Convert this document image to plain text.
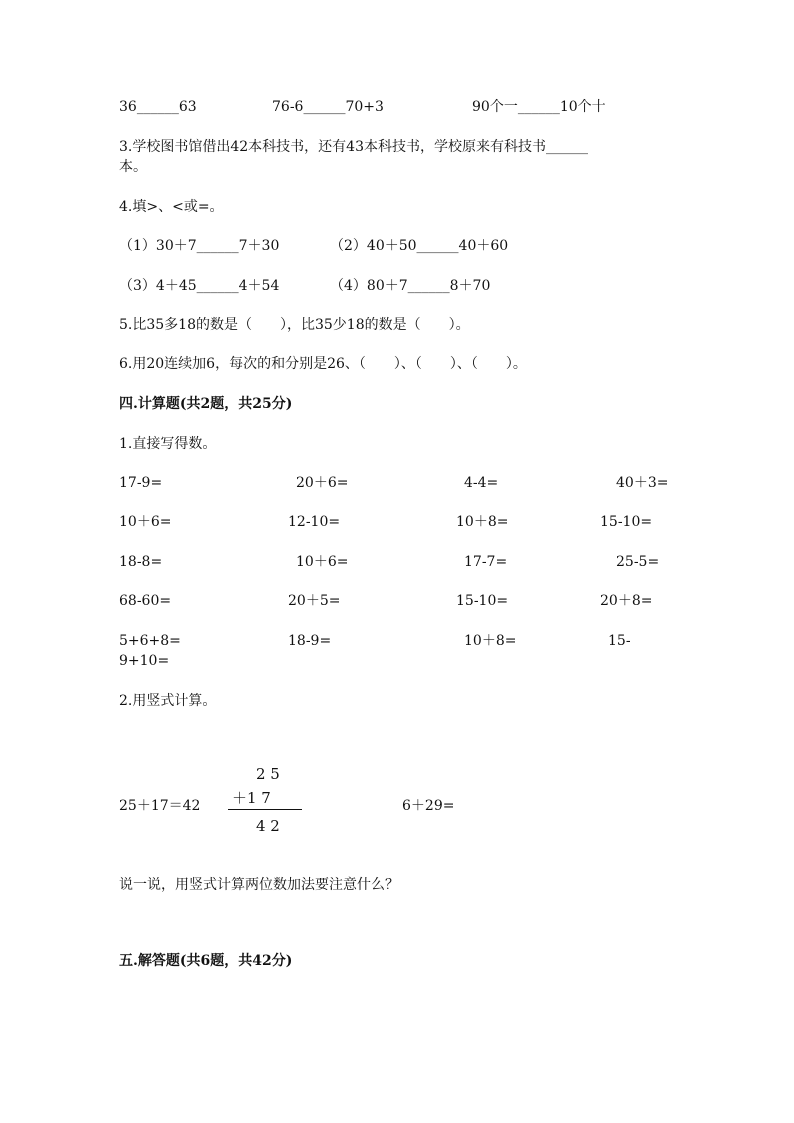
36______63	76-6______70+3	90个一______10个十
3.学校图书馆借出42本科技书，还有43本科技书，学校原来有科技书______
本。
4.填>、<或=。
（1）30＋7______7＋30	（2）40＋50______40＋60
（3）4＋45______4＋54	（4）80＋7______8＋70
5.比35多18的数是（　　），比35少18的数是（　　）。
6.用20连续加6，每次的和分别是26、（　　）、（　　）、（　　）。
四.计算题(共2题，共25分)
1.直接写得数。
17-9=	20＋6=	4-4=	40＋3=
10＋6=	12-10=	10＋8=	15-10=
18-8=	10＋6=	17-7=	25-5=
68-60=	20＋5=	15-10=	20＋8=
5+6+8=	18-9=	10＋8=	15-
9+10=
2.用竖式计算。
25＋17＝42
2 5
＋1 7
4 2
6＋29=
说一说，用竖式计算两位数加法要注意什么？
五.解答题(共6题，共42分)
